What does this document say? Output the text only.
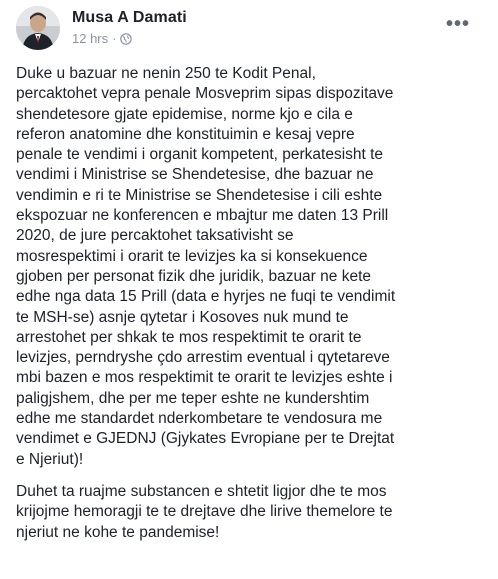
Musa A Damati
12 hrs ·
•••
Duke u bazuar ne nenin 250 te Kodit Penal,
percaktohet vepra penale Mosveprim sipas dispozitave
shendetesore gjate epidemise, norme kjo e cila e
referon anatomine dhe konstituimin e kesaj vepre
penale te vendimi i organit kompetent, perkatesisht te
vendimi i Ministrise se Shendetesise, dhe bazuar ne
vendimin e ri te Ministrise se Shendetesise i cili eshte
ekspozuar ne konferencen e mbajtur me daten 13 Prill
2020, de jure percaktohet taksativisht se
mosrespektimi i orarit te levizjes ka si konsekuence
gjoben per personat fizik dhe juridik, bazuar ne kete
edhe nga data 15 Prill (data e hyrjes ne fuqi te vendimit
te MSH-se) asnje qytetar i Kosoves nuk mund te
arrestohet per shkak te mos respektimit te orarit te
levizjes, perndryshe çdo arrestim eventual i qytetareve
mbi bazen e mos respektimit te orarit te levizjes eshte i
paligjshem, dhe per me teper eshte ne kundershtim
edhe me standardet nderkombetare te vendosura me
vendimet e GJEDNJ (Gjykates Evropiane per te Drejtat
e Njeriut)!
Duhet ta ruajme substancen e shtetit ligjor dhe te mos
krijojme hemoragji te te drejtave dhe lirive themelore te
njeriut ne kohe te pandemise!
